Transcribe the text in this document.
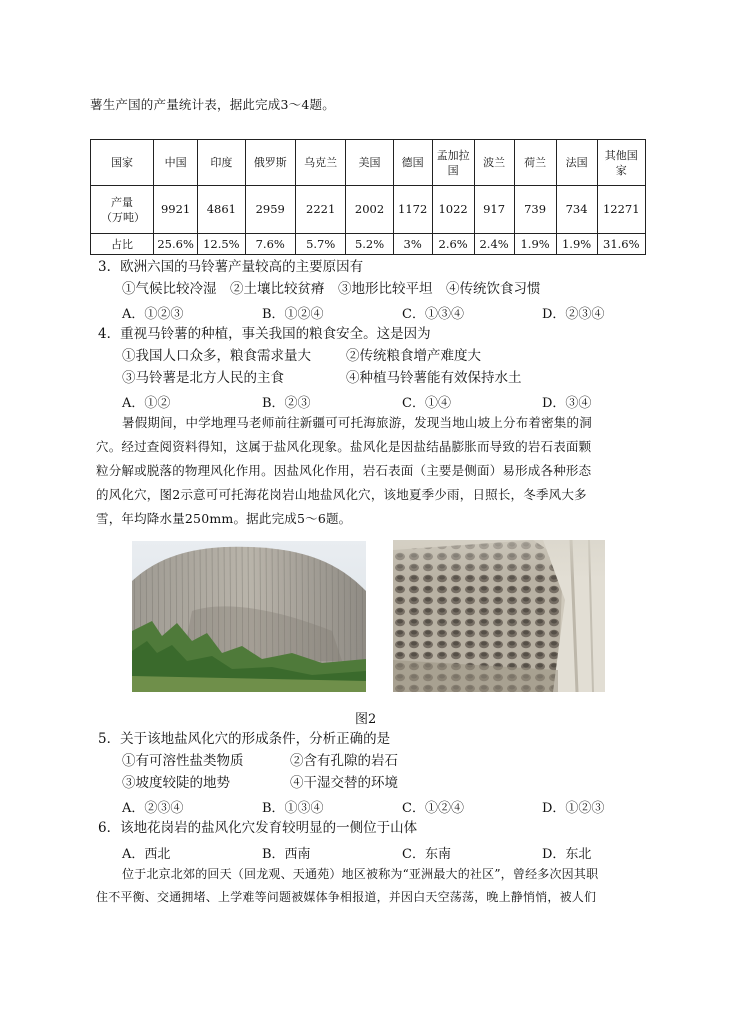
薯生产国的产量统计表，据此完成3～4题。
国家	中国	印度	俄罗斯	乌克兰	美国	德国	孟加拉国	波兰	荷兰	法国	其他国家
产量（万吨）	9921	4861	2959	2221	2002	1172	1022	917	739	734	12271
占比	25.6%	12.5%	7.6%	5.7%	5.2%	3%	2.6%	2.4%	1.9%	1.9%	31.6%
3．欧洲六国的马铃薯产量较高的主要原因有
①气候比较冷湿　②土壤比较贫瘠　③地形比较平坦　④传统饮食习惯
A．①②③	B．①②④	C．①③④	D．②③④
4．重视马铃薯的种植，事关我国的粮食安全。这是因为
①我国人口众多，粮食需求量大	②传统粮食增产难度大
③马铃薯是北方人民的主食	④种植马铃薯能有效保持水土
A．①②	B．②③	C．①④	D．③④
暑假期间，中学地理马老师前往新疆可可托海旅游，发现当地山坡上分布着密集的洞
穴。经过查阅资料得知，这属于盐风化现象。盐风化是因盐结晶膨胀而导致的岩石表面颗
粒分解或脱落的物理风化作用。因盐风化作用，岩石表面（主要是侧面）易形成各种形态
的风化穴，图2示意可可托海花岗岩山地盐风化穴，该地夏季少雨，日照长，冬季风大多
雪，年均降水量250mm。据此完成5～6题。
图2
5．关于该地盐风化穴的形成条件，分析正确的是
①有可溶性盐类物质	②含有孔隙的岩石
③坡度较陡的地势	④干湿交替的环境
A．②③④	B．①③④	C．①②④	D．①②③
6．该地花岗岩的盐风化穴发育较明显的一侧位于山体
A．西北	B．西南	C．东南	D．东北
位于北京北郊的回天（回龙观、天通苑）地区被称为“亚洲最大的社区”，曾经多次因其职
住不平衡、交通拥堵、上学难等问题被媒体争相报道，并因白天空荡荡，晚上静悄悄，被人们
